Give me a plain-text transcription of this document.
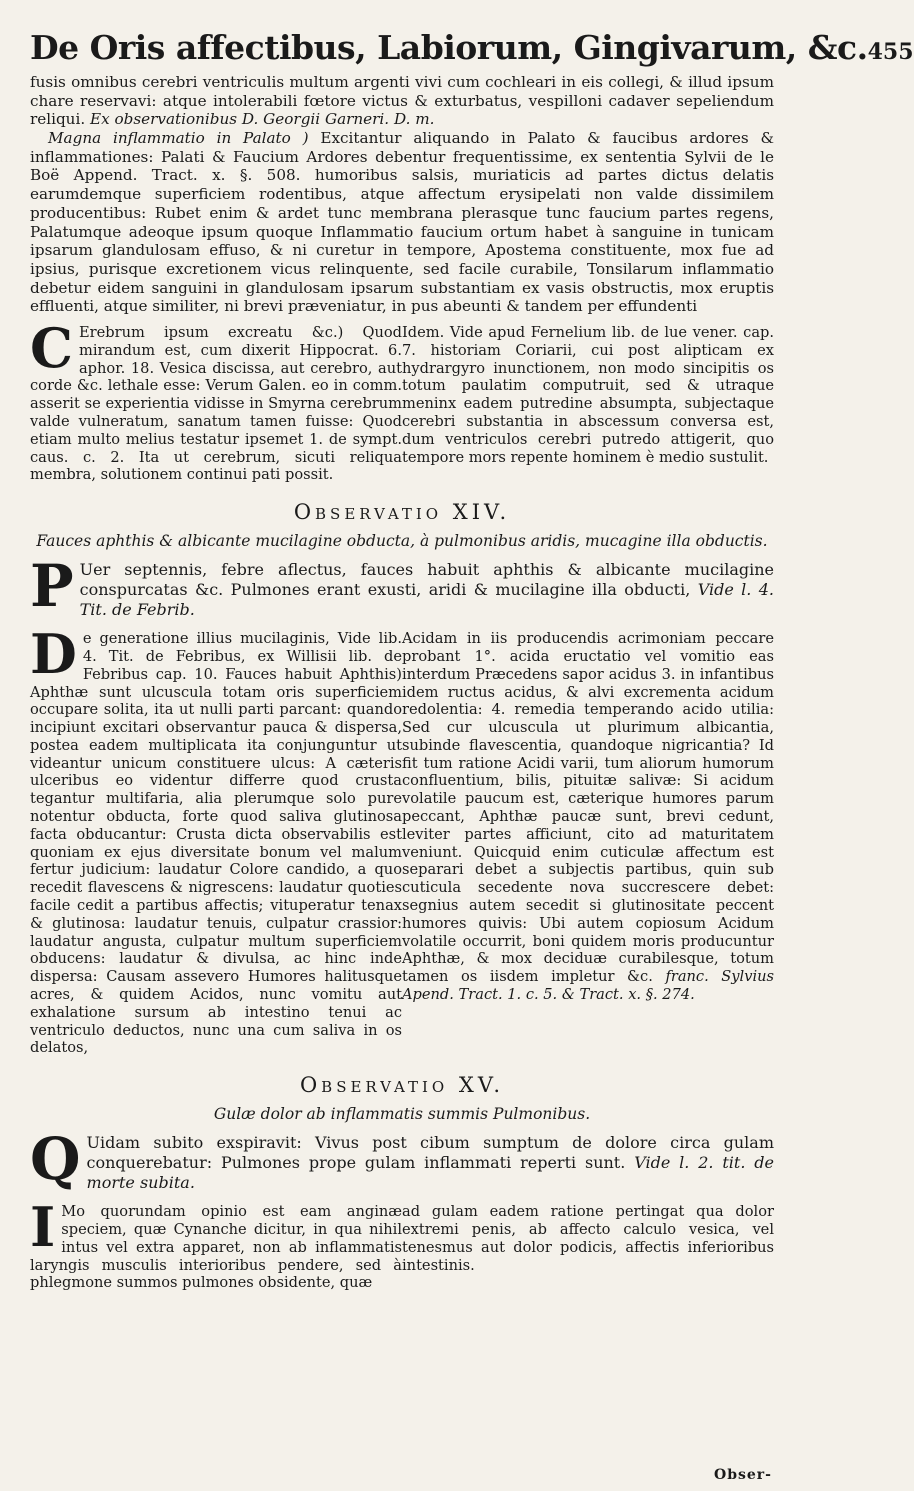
De Oris affectibus, Labiorum, Gingivarum, &c. 455

fusis omnibus cerebri ventriculis multum argenti vivi cum cochleari in eis collegi, & illud ipsum chare reservavi: atque intolerabili fœtore victus & exturbatus, vespilloni cadaver sepeliendum reliqui. Ex observationibus D. Georgii Garneri. D. m.

Magna inflammatio in Palato ) Excitantur aliquando in Palato & faucibus ardores & inflammationes: Palati & Faucium Ardores debentur frequentissime, ex sententia Sylvii de le Boë Append. Tract. x. §. 508. humoribus salsis, muriaticis ad partes dictus delatis earumdemque superficiem rodentibus, atque affectum erysipelati non valde dissimilem producentibus: Rubet enim & ardet tunc membrana plerasque tunc faucium partes regens, Palatumque adeoque ipsum quoque Inflammatio faucium ortum habet à sanguine in tunicam ipsarum glandulosam effuso, & ni curetur in tempore, Apostema constituente, mox fue ad ipsius, purisque excretionem vicus relinquente, sed facile curabile, Tonsilarum inflammatio debetur eidem sanguini in glandulosam ipsarum substantiam ex vasis obstructis, mox eruptis effluenti, atque similiter, ni brevi præveniatur, in pus abeunti & tandem per effundenti

C Erebrum ipsum excreatu &c.) Quod mirandum est, cum dixerit Hippocrat. 6. aphor. 18. Vesica discissa, aut cerebro, aut corde &c. lethale esse: Verum Galen. eo in comm. asserit se experientia vidisse in Smyrna cerebrum valde vulneratum, sanatum tamen fuisse: Quod etiam multo melius testatur ipsemet 1. de sympt. caus. c. 2. Ita ut cerebrum, sicuti reliqua membra, solutionem continui pati possit.
Idem. Vide apud Fernelium lib. de lue vener. cap. 7. historiam Coriarii, cui post alipticam ex hydrargyro inunctionem, non modo sincipitis os totum paulatim computruit, sed & utraque meninx eadem putredine absumpta, subjectaque cerebri substantia in abscessum conversa est, dum ventriculos cerebri putredo attigerit, quo tempore mors repente hominem è medio sustulit.
Observatio XIV.
Fauces aphthis & albicante mucilagine obducta, à pulmonibus aridis, mucagine illa obductis.

P Uer septennis, febre aflectus, fauces habuit aphthis & albicante mucilagine conspurcatas &c. Pulmones erant exusti, aridi & mucilagine illa obducti, Vide l. 4. Tit. de Febrib.

D e generatione illius mucilaginis, Vide lib. 4. Tit. de Febribus, ex Willisii lib. de Febribus cap. 10. Fauces habuit Aphthis) Aphthæ sunt ulcuscula totam oris superficiem occupare solita, ita ut nulli parti parcant: quando incipiunt excitari observantur pauca & dispersa, postea eadem multiplicata ita conjunguntur ut videantur unicum constituere ulcus: A cæteris ulceribus eo videntur differre quod crusta tegantur multifaria, alia plerumque solo pure notentur obducta, forte quod saliva glutinosa facta obducantur: Crusta dicta observabilis est quoniam ex ejus diversitate bonum vel malum fertur judicium: laudatur Colore candido, a quo recedit flavescens & nigrescens: laudatur quoties facile cedit a partibus affectis; vituperatur tenax & glutinosa: laudatur tenuis, culpatur crassior: laudatur angusta, culpatur multum superficiem obducens: laudatur & divulsa, ac hinc inde dispersa: Causam assevero Humores halitusque acres, & quidem Acidos, nunc vomitu aut exhalatione sursum ab intestino tenui ac ventriculo deductos, nunc una cum saliva in os delatos,
Acidam in iis producendis acrimoniam peccare probant 1°. acida eructatio vel vomitio eas interdum Præcedens sapor acidus 3. in infantibus idem ructus acidus, & alvi excrementa acidum redolentia: 4. remedia temperando acido utilia: Sed cur ulcuscula ut plurimum albicantia, subinde flavescentia, quandoque nigricantia? Id fit tum ratione Acidi varii, tum aliorum humorum confluentium, bilis, pituitæ salivæ: Si acidum volatile paucum est, cæterique humores parum peccant, Aphthæ paucæ sunt, brevi cedunt, leviter partes afficiunt, cito ad maturitatem veniunt. Quicquid enim cuticulæ affectum est separari debet a subjectis partibus, quin sub cuticula secedente nova succrescere debet: segnius autem secedit si glutinositate peccent humores quivis: Ubi autem copiosum Acidum volatile occurrit, boni quidem moris producuntur Aphthæ, & mox deciduæ curabilesque, totum tamen os iisdem impletur &c. franc. Sylvius Apend. Tract. 1. c. 5. & Tract. x. §. 274.
Observatio XV.
Gulæ dolor ab inflammatis summis Pulmonibus.

Q Uidam subito exspiravit: Vivus post cibum sumptum de dolore circa gulam conquerebatur: Pulmones prope gulam inflammati reperti sunt. Vide l. 2. tit. de morte subita.

I Mo quorundam opinio est eam anginæ speciem, quæ Cynanche dicitur, in qua nihil intus vel extra apparet, non ab inflammatis laryngis musculis interioribus pendere, sed à phlegmone summos pulmones obsidente, quæ
ad gulam eadem ratione pertingat qua dolor extremi penis, ab affecto calculo vesica, vel tenesmus aut dolor podicis, affectis inferioribus intestinis.
Obser-
